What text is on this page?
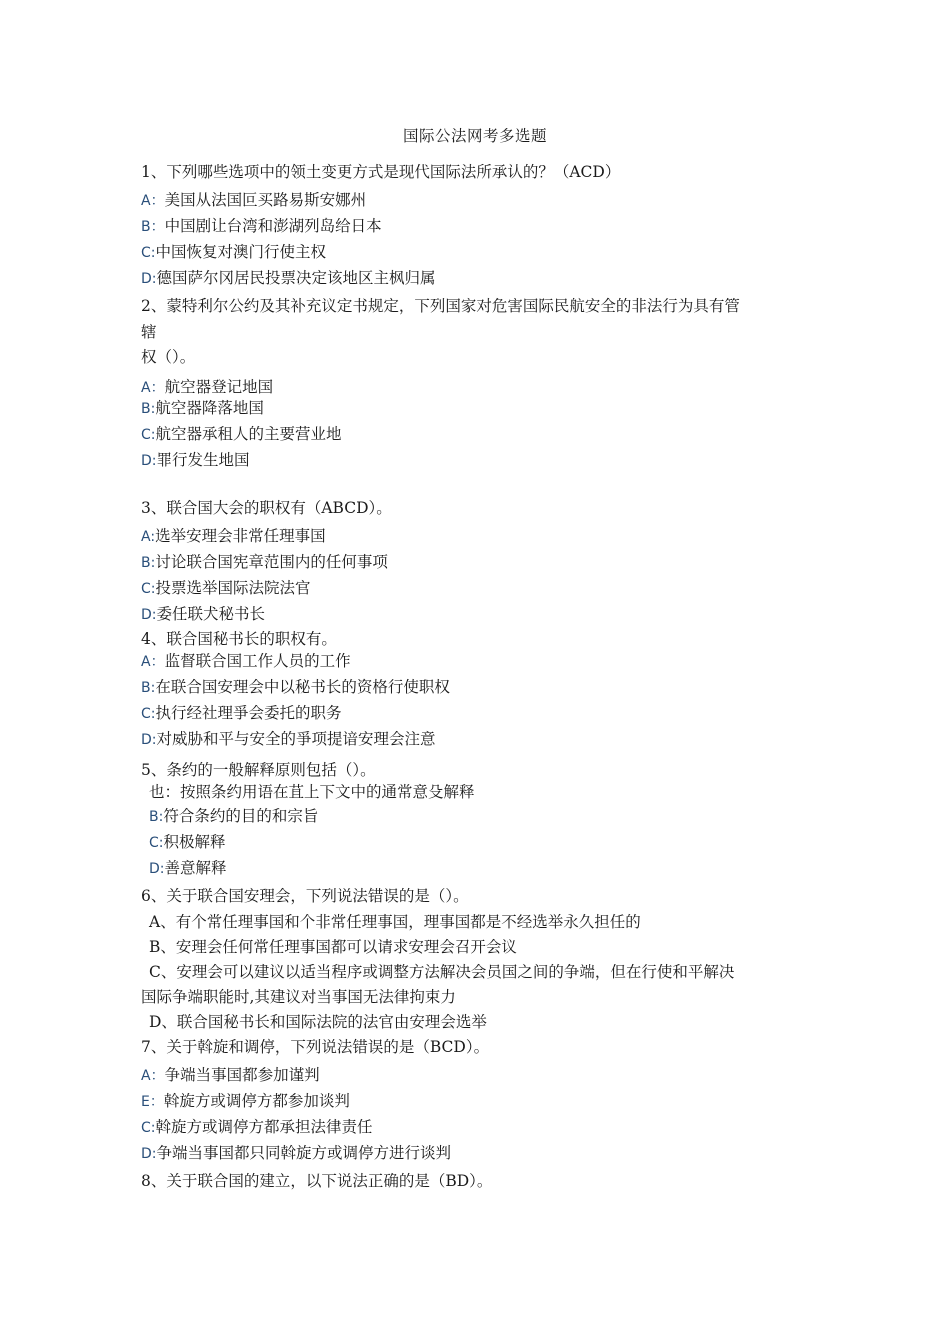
国际公法网考多选题
1、下列哪些选项中的领土变更方式是现代国际法所承认的？（ACD）
A：美国从法国叵买路易斯安娜州
B：中国剧让台湾和澎湖列岛给日本
C:中国恢复对澳门行使主权
D:德国萨尔冈居民投票决定该地区主枫归属
2、蒙特利尔公约及其补充议定书规定，下列国家对危害国际民航安全的非法行为具有管
辖
权（）。
A：航空器登记地国
B:航空器降落地国
C:航空器承租人的主要营业地
D:罪行发生地国
3、联合国大会的职权有（ABCD）。
A:选举安理会非常任理事国
B:讨论联合国宪章范围内的任何事项
C:投票选举国际法院法官
D:委任联犬秘书长
4、联合国秘书长的职权有。
A：监督联合国工作人员的工作
B:在联合国安理会中以秘书长的资格行使职权
C:执行经社理爭会委托的职务
D:对威胁和平与安全的爭项提谙安理会注意
5、条约的一般解释原则包括（）。
也：按照条约用语在苴上下文中的通常意殳解释
B:符合条约的目的和宗旨
C:积极解释
D:善意解释
6、关于联合国安理会，下列说法错误的是（）。
A、有个常任理事国和个非常任理事国，理事国都是不经选举永久担任的
B、安理会任何常任理事国都可以请求安理会召开会议
C、安理会可以建议以适当程序或调整方法解决会员国之间的争端，但在行使和平解决
国际争端职能时,其建议对当事国无法律拘束力
D、联合国秘书长和国际法院的法官由安理会选举
7、关于斡旋和调停，下列说法错误的是（BCD）。
A：争端当事国都参加谨判
E：斡旋方或调停方都参加谈判
C:斡旋方或调停方都承担法律责任
D:争端当事国都只同斡旋方或调停方进行谈判
8、关于联合国的建立，以下说法正确的是（BD）。
